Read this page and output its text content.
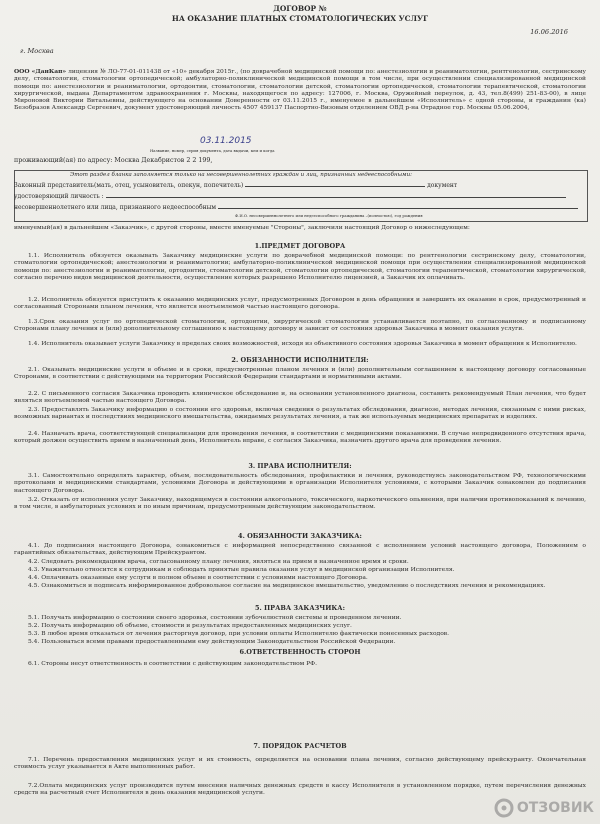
ДОГОВОР №
НА ОКАЗАНИЕ ПЛАТНЫХ СТОМАТОЛОГИЧЕСКИХ УСЛУГ
16.06.2016
г. Москва
ООО «ДанКап» лицензия № ЛО-77-01-011438 от «10» декабря 2015г., (по доврачебной медицинской помощи по: анестезиологии и реаниматологии, рентгенологии, сестринскому делу, стоматологии, стоматологии ортопедической; амбулаторно-поликлинической медицинской помощи в том числе, при осуществлении специализированной медицинской помощи по: анестезиологии и реаниматологии, ортодонтии, стоматологии, стоматологии детской, стоматологии ортопедической, стоматологии терапевтической, стоматологии хирургической, выдана Департаментом здравоохранения г. Москвы, находящегося по адресу: 127006, г. Москва, Оружейный переулок, д. 43, тел.8(499) 251-83-00), в лице Мироновой Виктории Витальевны, действующего на основании Доверенности от 03.11.2015 г., именуемое в дальнейшем «Исполнитель» с одной стороны, и гражданин (ка) Безобразов Александр Сергеевич, документ удостоверяющий личность 4507 459137 Паспортно-Визовым отделением ОВД р-на Отрадное гор. Москвы 05.06.2004,
Название, номер, серия документа, дата выдачи, кем и когда
проживающий(ая) по адресу: Москва Декабристов 2 2 199,
03.11.2015
Этот раздел бланка заполняется только на несовершеннолетних граждан и лиц, признанных недееспособными:
Законный представитель(мать, отец, усыновитель, опекун, попечитель)	документ
удостоверяющий личность :
несовершеннолетнего или лица, признанного недееспособным
Ф.И.О. несовершеннолетнего или недееспособного гражданина –(полностью), год рождения
именуемый(ая) в дальнейшем «Заказчик», с другой стороны, вместе именуемые "Стороны", заключили настоящий Договор о нижеследующем:
1.ПРЕДМЕТ ДОГОВОРА
1.1. Исполнитель обязуется оказывать Заказчику медицинские услуги по доврачебной медицинской помощи: по рентгенологии сестринскому делу, стоматологии, стоматологии ортопедической; анестезиологии и реаниматологии; амбулаторно-поликлинической медицинской помощи при осуществлении специализированной медицинской помощи по: анестезиологии и реаниматологии, ортодонтии, стоматологии детской, стоматологии ортопедической, стоматологии терапевтической, стоматологии хирургической, согласно перечню видов медицинской деятельности, осуществление которых разрешено Исполнителю лицензией, а Заказчик их оплачивать.
1.2. Исполнитель обязуется приступить к оказанию медицинских услуг, предусмотренных Договором в день обращения и завершить их оказание в срок, предусмотренный и согласованный Сторонами планом лечения, что является неотъемлемой частью настоящего договора.
1.3.Срок оказания услуг по ортопедической стоматологии, ортодонтии, хирургической стоматологии устанавливается поэтапно, по согласованному и подписанному Сторонами плану лечения и (или) дополнительному соглашению к настоящему договору и зависит от состояния здоровья Заказчика в момент оказания услуги.
1.4. Исполнитель оказывает услуги Заказчику в пределах своих возможностей, исходя из объективного состояния здоровья Заказчика в момент обращения к Исполнителю.
2. ОБЯЗАННОСТИ ИСПОЛНИТЕЛЯ:
2.1. Оказывать медицинские услуги в объеме и в сроки, предусмотренные планом лечения и (или) дополнительным соглашением к настоящему договору согласованные Сторонами, в соответствии с действующими на территории Российской Федерации стандартами и нормативными актами.
2.2. С письменного согласия Заказчика проводить клиническое обследование и, на основании установленного диагноза, составить рекомендуемый План лечения, что будет являться неотъемлемой частью настоящего Договора.
2.3. Предоставлять Заказчику информацию о состоянии его здоровья, включая сведения о результатах обследования, диагнозе, методах лечения, связанным с ними рисках, возможных вариантах и последствиях медицинского вмешательства, ожидаемых результатах лечения, а так же используемых медицинских препаратах и изделиях.
2.4. Назначать врача, соответствующей специализации для проведения лечения, в соответствии с медицинскими показаниями. В случае непредвиденного отсутствия врача, который должен осуществить прием в назначенный день, Исполнитель вправе, с согласия Заказчика, назначить другого врача для проведения лечения.
3. ПРАВА ИСПОЛНИТЕЛЯ:
3.1. Самостоятельно определять характер, объем, последовательность обследования, профилактики и лечения, руководствуясь законодательством РФ, технологическими протоколами и медицинскими стандартами, условиями Договора и действующими в организации Исполнителя условиями, с которыми Заказчик ознакомлен до подписания настоящего Договора.
3.2. Отказать от исполнения услуг Заказчику, находящемуся в состоянии алкогольного, токсического, наркотического опьянения, при наличии противопоказаний к лечению, в том числе, в амбулаторных условиях и по иным причинам, предусмотренным действующим законодательством.
4. ОБЯЗАННОСТИ ЗАКАЗЧИКА:
4.1. До подписания настоящего Договора, ознакомиться с информацией непосредственно связанной с исполнением условий настоящего договора, Положением о гарантийных обязательствах, действующим Прейскурантом.
4.2. Следовать рекомендациям врача, согласованному плану лечения, являться на прием в назначенное время и сроки.
4.3. Уважительно относится к сотрудникам и соблюдать принятые правила оказания услуг в медицинской организации Исполнителя.
4.4. Оплачивать оказанные ему услуги в полном объеме в соответствии с условиями настоящего Договора.
4.5. Ознакомиться и подписать информированное добровольное согласие на медицинское вмешательство, уведомление о последствиях лечения и рекомендациях.
5. ПРАВА ЗАКАЗЧИКА:
5.1. Получать информацию о состоянии своего здоровья, состоянии зубочелюстной системы и проведенном лечении.
5.2. Получать информацию об объеме, стоимости и результатах предоставленных медицинских услуг.
5.3. В любое время отказаться от лечения расторгнув договор, при условии оплаты Исполнителю фактически понесенных расходов.
5.4. Пользоваться всеми правами предоставленными ему действующим Законодательством Российской Федерации.
6.ОТВЕТСТВЕННОСТЬ СТОРОН
6.1. Стороны несут ответственность в соответствии с действующим законодательством РФ.
7. ПОРЯДОК РАСЧЕТОВ
7.1. Перечень предоставления медицинских услуг и их стоимость, определяется на основании плана лечения, согласно действующему прейскуранту. Окончательная стоимость услуг указывается в Акте выполненных работ.
7.2.Оплата медицинских услуг производится путем внесения наличных денежных средств в кассу Исполнителя в установленном порядке, путем перечисления денежных средств на расчетный счет Исполнителя в день оказания медицинской услуги.
ОТЗОВИК
